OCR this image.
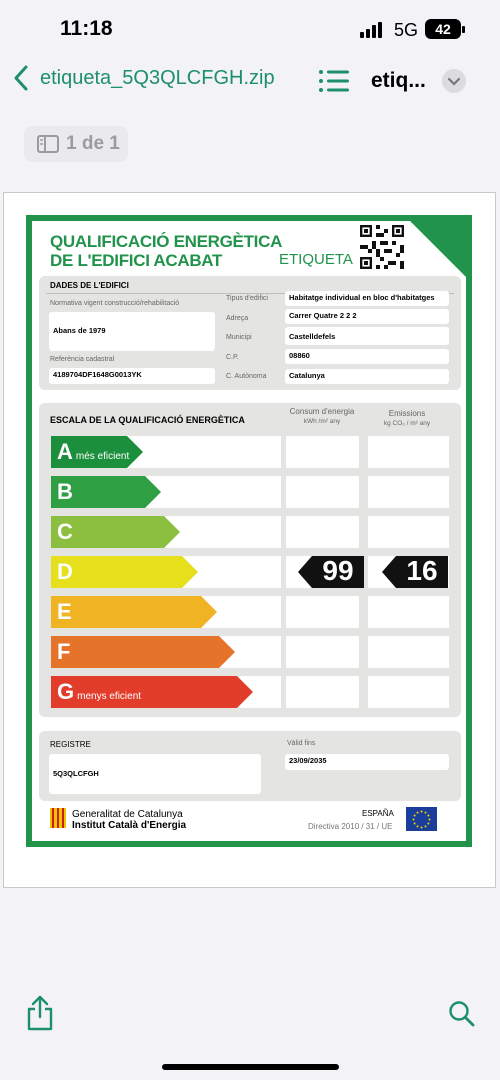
11:18	5G	42
etiqueta_5Q3QLCFGH.zip	etiq...
1 de 1
QUALIFICACIÓ ENERGÈTICA
DE L'EDIFICI ACABAT	ETIQUETA
DADES DE L'EDIFICI
Normativa vigent construcció/rehabilitació
Abans de 1979
Referència cadastral
4189704DF1648G0013YK
Tipus d'edifici	Habitatge individual en bloc d'habitatges
Adreça	Carrer Quatre 2 2 2
Municipi	Castelldefels
C.P.	08860
C. Autònoma	Catalunya
ESCALA DE LA QUALIFICACIÓ ENERGÈTICA
Consum d'energia
kWh /m² any
Emissions
kg CO₂ / m² any
Amés eficient
B
C
D	99	16
E
F
Gmenys eficient
REGISTRE
5Q3QLCFGH
Vàlid fins
23/09/2035
Generalitat de Catalunya
Institut Català d'Energia
ESPAÑA
Directiva 2010 / 31 / UE
